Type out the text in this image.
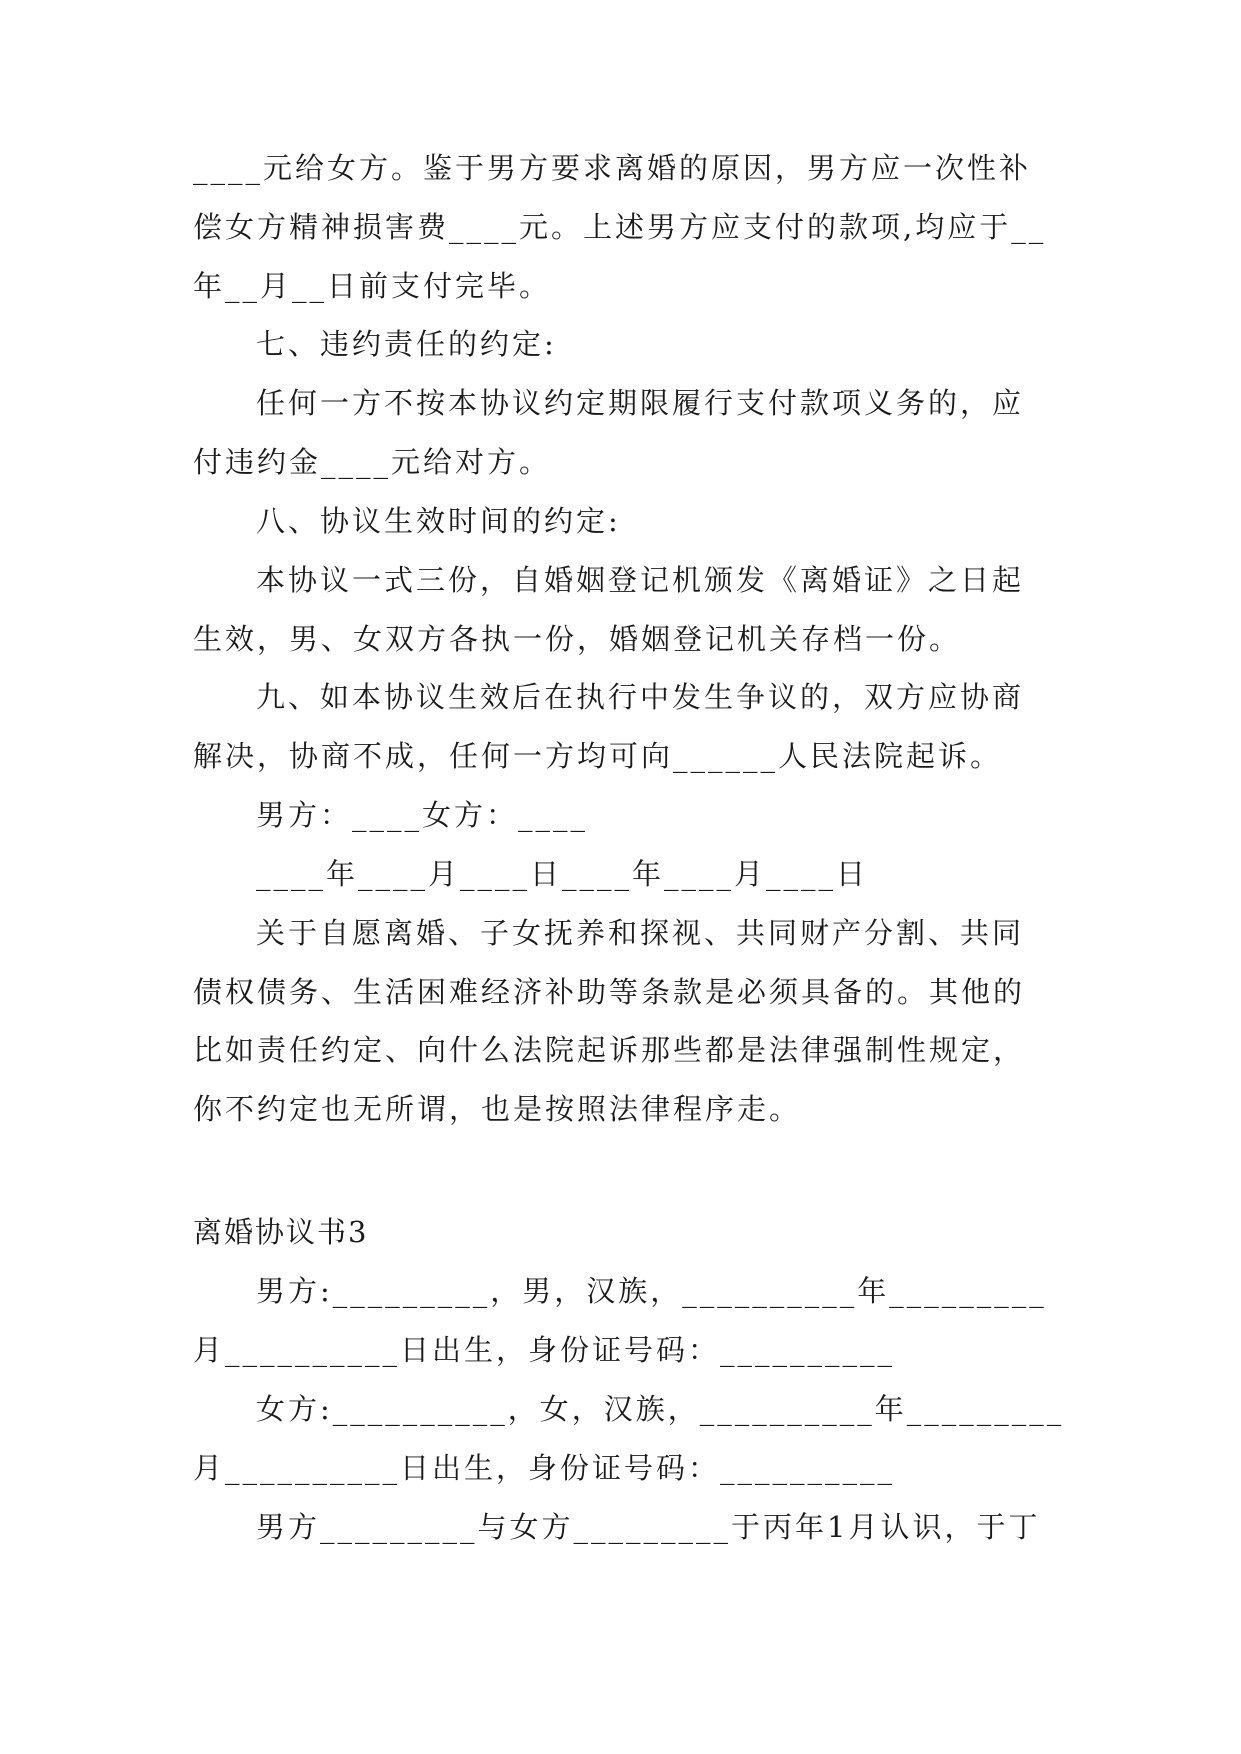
____元给女方。鉴于男方要求离婚的原因，男方应一次性补
偿女方精神损害费____元。上述男方应支付的款项,均应于__
年__月__日前支付完毕。
七、违约责任的约定:
任何一方不按本协议约定期限履行支付款项义务的，应
付违约金____元给对方。
八、协议生效时间的约定:
本协议一式三份，自婚姻登记机颁发《离婚证》之日起
生效，男、女双方各执一份，婚姻登记机关存档一份。
九、如本协议生效后在执行中发生争议的，双方应协商
解决，协商不成，任何一方均可向______人民法院起诉。
男方：____女方：____
____年____月____日____年____月____日
关于自愿离婚、子女抚养和探视、共同财产分割、共同
债权债务、生活困难经济补助等条款是必须具备的。其他的
比如责任约定、向什么法院起诉那些都是法律强制性规定，
你不约定也无所谓，也是按照法律程序走。
离婚协议书3
男方:_________，男，汉族，__________年_________
月__________日出生，身份证号码：__________
女方:__________，女，汉族，__________年_________
月__________日出生，身份证号码：__________
男方_________与女方_________于丙年1月认识，于丁
